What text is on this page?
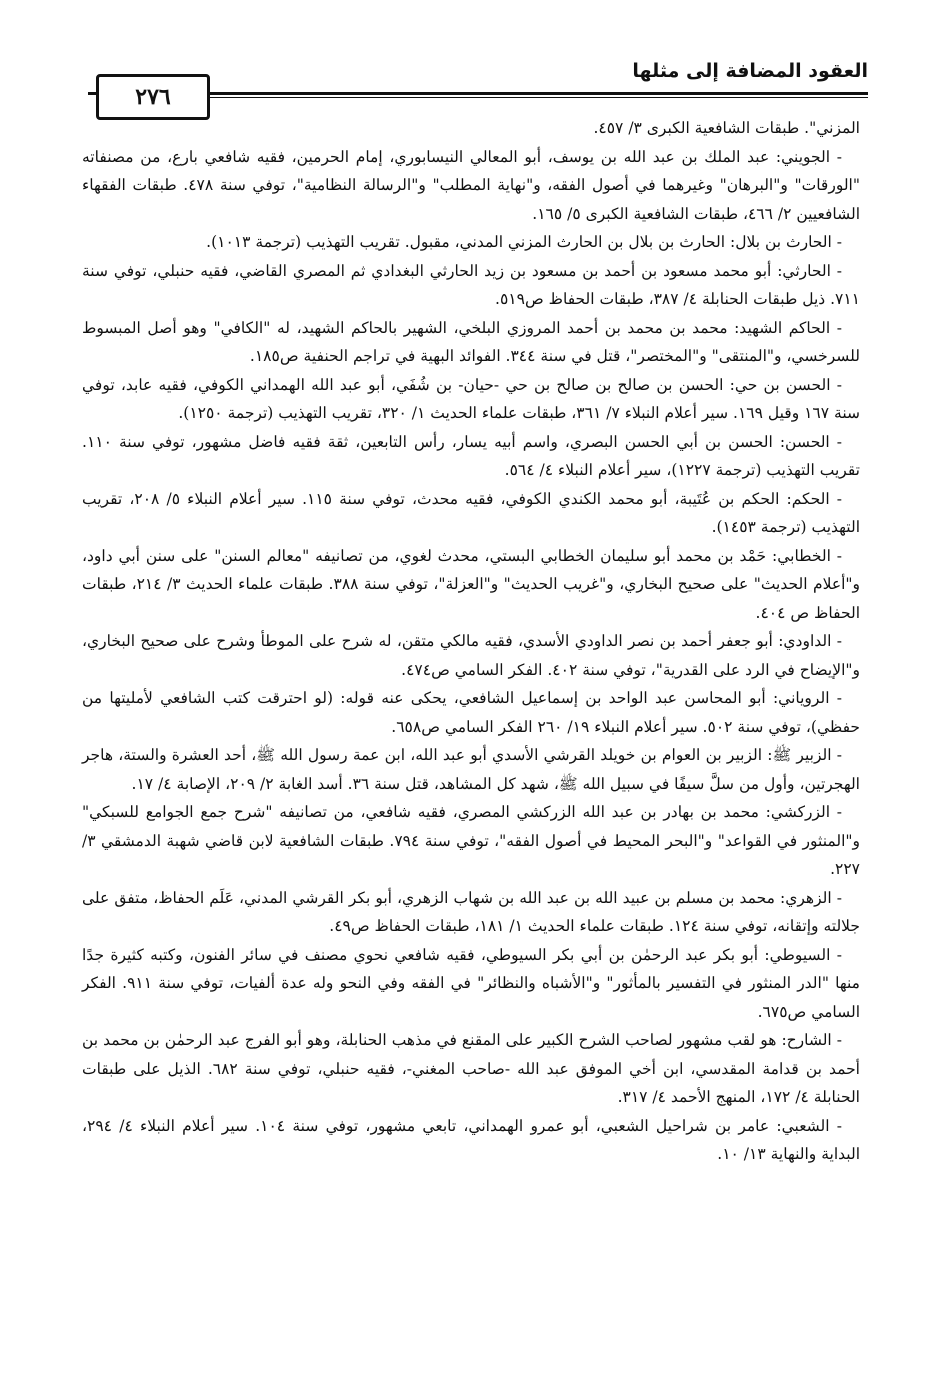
العقود المضافة إلى مثلها
٢٧٦

المزني". طبقات الشافعية الكبرى ٣/ ٤٥٧.

- الجويني: عبد الملك بن عبد الله بن يوسف، أبو المعالي النيسابوري، إمام الحرمين، فقيه شافعي بارع، من مصنفاته "الورقات" و"البرهان" وغيرهما في أصول الفقه، و"نهاية المطلب" و"الرسالة النظامية"، توفي سنة ٤٧٨. طبقات الفقهاء الشافعيين ٢/ ٤٦٦، طبقات الشافعية الكبرى ٥/ ١٦٥.

- الحارث بن بلال: الحارث بن بلال بن الحارث المزني المدني، مقبول. تقريب التهذيب (ترجمة ١٠١٣).

- الحارثي: أبو محمد مسعود بن أحمد بن مسعود بن زيد الحارثي البغدادي ثم المصري القاضي، فقيه حنبلي، توفي سنة ٧١١. ذيل طبقات الحنابلة ٤/ ٣٨٧، طبقات الحفاظ ص٥١٩.

- الحاكم الشهيد: محمد بن محمد بن أحمد المروزي البلخي، الشهير بالحاكم الشهيد، له "الكافي" وهو أصل المبسوط للسرخسي، و"المنتقى" و"المختصر"، قتل في سنة ٣٤٤. الفوائد البهية في تراجم الحنفية ص١٨٥.

- الحسن بن حي: الحسن بن صالح بن صالح بن حي -حيان- بن شُفَي، أبو عبد الله الهمداني الكوفي، فقيه عابد، توفي سنة ١٦٧ وقيل ١٦٩. سير أعلام النبلاء ٧/ ٣٦١، طبقات علماء الحديث ١/ ٣٢٠، تقريب التهذيب (ترجمة ١٢٥٠).

- الحسن: الحسن بن أبي الحسن البصري، واسم أبيه يسار، رأس التابعين، ثقة فقيه فاضل مشهور، توفي سنة ١١٠. تقريب التهذيب (ترجمة ١٢٢٧)، سير أعلام النبلاء ٤/ ٥٦٤.

- الحكم: الحكم بن عُتَيبة، أبو محمد الكندي الكوفي، فقيه محدث، توفي سنة ١١٥. سير أعلام النبلاء ٥/ ٢٠٨، تقريب التهذيب (ترجمة ١٤٥٣).

- الخطابي: حَمْد بن محمد أبو سليمان الخطابي البستي، محدث لغوي، من تصانيفه "معالم السنن" على سنن أبي داود، و"أعلام الحديث" على صحيح البخاري، و"غريب الحديث" و"العزلة"، توفي سنة ٣٨٨. طبقات علماء الحديث ٣/ ٢١٤، طبقات الحفاظ ص ٤٠٤.

- الداودي: أبو جعفر أحمد بن نصر الداودي الأسدي، فقيه مالكي متقن، له شرح على الموطأ وشرح على صحيح البخاري، و"الإيضاح في الرد على القدرية"، توفي سنة ٤٠٢. الفكر السامي ص٤٧٤.

- الروياني: أبو المحاسن عبد الواحد بن إسماعيل الشافعي، يحكى عنه قوله: (لو احترقت كتب الشافعي لأمليتها من حفظي)، توفي سنة ٥٠٢. سير أعلام النبلاء ١٩/ ٢٦٠ الفكر السامي ص٦٥٨.

- الزبير ﷺ: الزبير بن العوام بن خويلد القرشي الأسدي أبو عبد الله، ابن عمة رسول الله ﷺ، أحد العشرة والستة، هاجر الهجرتين، وأول من سلَّ سيفًا في سبيل الله ﷺ، شهد كل المشاهد، قتل سنة ٣٦. أسد الغابة ٢/ ٢٠٩، الإصابة ٤/ ١٧.

- الزركشي: محمد بن بهادر بن عبد الله الزركشي المصري، فقيه شافعي، من تصانيفه "شرح جمع الجوامع للسبكي" و"المنثور في القواعد" و"البحر المحيط في أصول الفقه"، توفي سنة ٧٩٤. طبقات الشافعية لابن قاضي شهبة الدمشقي ٣/ ٢٢٧.

- الزهري: محمد بن مسلم بن عبيد الله بن عبد الله بن شهاب الزهري، أبو بكر القرشي المدني، عَلَم الحفاظ، متفق على جلالته وإتقانه، توفي سنة ١٢٤. طبقات علماء الحديث ١/ ١٨١، طبقات الحفاظ ص٤٩.

- السيوطي: أبو بكر عبد الرحمٰن بن أبي بكر السيوطي، فقيه شافعي نحوي مصنف في سائر الفنون، وكتبه كثيرة جدًا منها "الدر المنثور في التفسير بالمأثور" و"الأشباه والنظائر" في الفقه وفي النحو وله عدة ألفيات، توفي سنة ٩١١. الفكر السامي ص٦٧٥.

- الشارح: هو لقب مشهور لصاحب الشرح الكبير على المقنع في مذهب الحنابلة، وهو أبو الفرج عبد الرحمٰن بن محمد بن أحمد بن قدامة المقدسي، ابن أخي الموفق عبد الله -صاحب المغني-، فقيه حنبلي، توفي سنة ٦٨٢. الذيل على طبقات الحنابلة ٤/ ١٧٢، المنهج الأحمد ٤/ ٣١٧.

- الشعبي: عامر بن شراحيل الشعبي، أبو عمرو الهمداني، تابعي مشهور، توفي سنة ١٠٤. سير أعلام النبلاء ٤/ ٢٩٤، البداية والنهاية ١٣/ ١٠.
